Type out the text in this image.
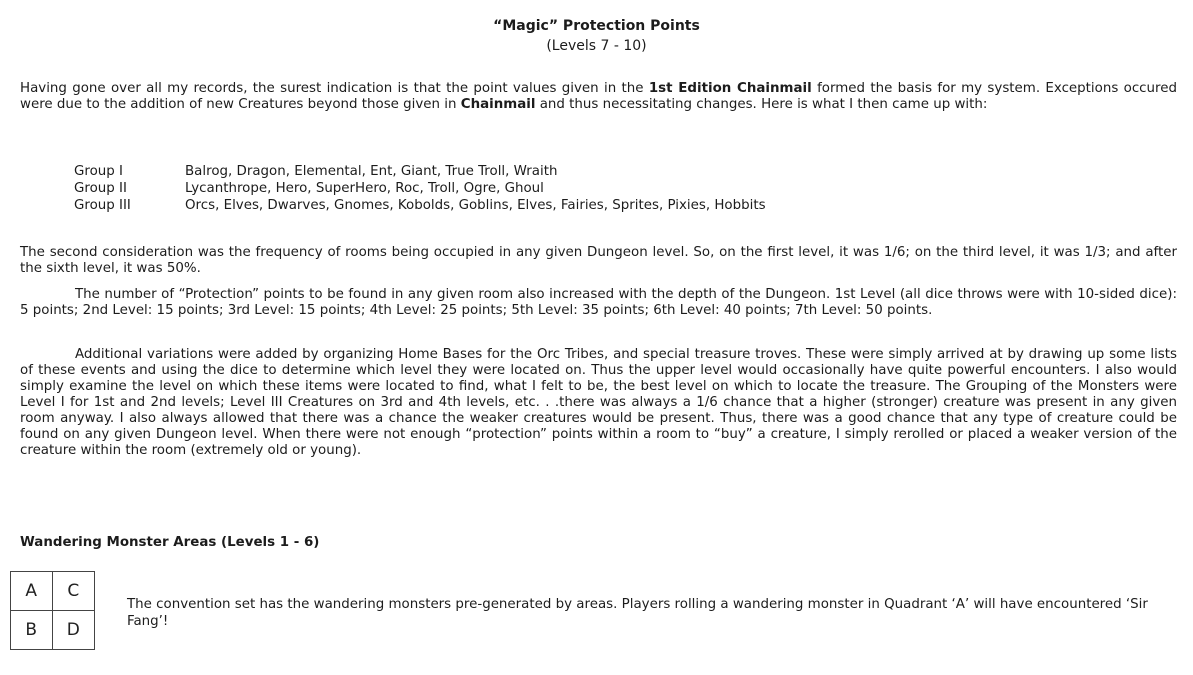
“Magic” Protection Points
(Levels 7 - 10)

Having gone over all my records, the surest indication is that the point values given in the 1st Edition Chainmail formed the basis for my system. Exceptions occured were due to the addition of new Creatures beyond those given in Chainmail and thus necessitating changes. Here is what I then came up with:

Group I	Balrog, Dragon, Elemental, Ent, Giant, True Troll, Wraith
Group II	Lycanthrope, Hero, SuperHero, Roc, Troll, Ogre, Ghoul
Group III	Orcs, Elves, Dwarves, Gnomes, Kobolds, Goblins, Elves, Fairies, Sprites, Pixies, Hobbits

The second consideration was the frequency of rooms being occupied in any given Dungeon level. So, on the first level, it was 1/6; on the third level, it was 1/3; and after the sixth level, it was 50%.

The number of “Protection” points to be found in any given room also increased with the depth of the Dungeon. 1st Level (all dice throws were with 10-sided dice): 5 points; 2nd Level: 15 points; 3rd Level: 15 points; 4th Level: 25 points; 5th Level: 35 points; 6th Level: 40 points; 7th Level: 50 points.

Additional variations were added by organizing Home Bases for the Orc Tribes, and special treasure troves. These were simply arrived at by drawing up some lists of these events and using the dice to determine which level they were located on. Thus the upper level would occasionally have quite powerful encounters. I also would simply examine the level on which these items were located to find, what I felt to be, the best level on which to locate the treasure. The Grouping of the Monsters were Level I for 1st and 2nd levels; Level III Creatures on 3rd and 4th levels, etc. . .there was always a 1/6 chance that a higher (stronger) creature was present in any given room anyway. I also always allowed that there was a chance the weaker creatures would be present. Thus, there was a good chance that any type of creature could be found on any given Dungeon level. When there were not enough “protection” points within a room to “buy” a creature, I simply rerolled or placed a weaker version of the creature within the room (extremely old or young).

Wandering Monster Areas (Levels 1 - 6)
A	C
B	D

The convention set has the wandering monsters pre-generated by areas. Players rolling a wandering monster in Quadrant ‘A’ will have encountered ‘Sir Fang’!
